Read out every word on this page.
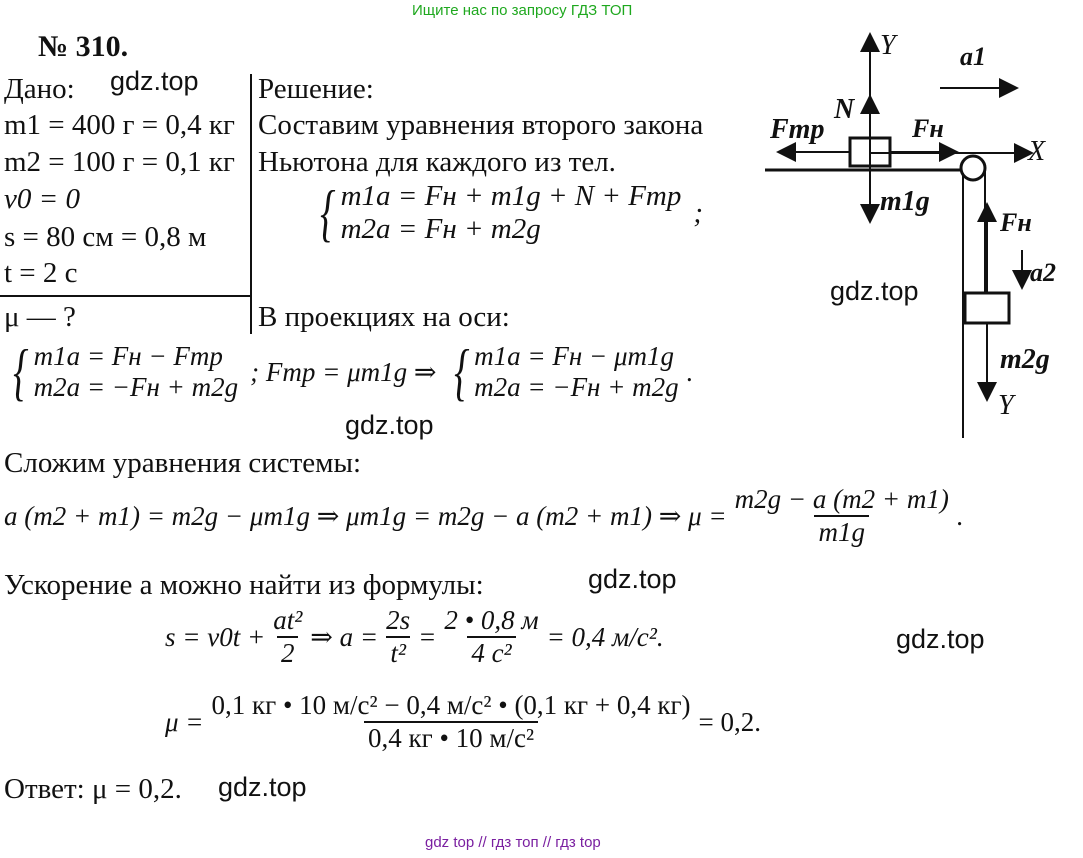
Ищите нас по запросу ГДЗ ТОП
№ 310.
Дано:
m1 = 400 г = 0,4 кг
m2 = 100 г = 0,1 кг
v0 = 0
s = 80 см = 0,8 м
t = 2 с
μ — ?
Решение:
Составим уравнения второго закона
Ньютона для каждого из тел.
{ m1a = Fн + m1g + N + Fтр
m2a = Fн + m2g
;
В проекциях на оси:
{ m1a = Fн − Fтр
m2a = −Fн + m2g
; Fтр = μm1g ⇒ { m1a = Fн − μm1g
m2a = −Fн + m2g
.
Сложим уравнения системы:
a (m2 + m1) = m2g − μm1g ⇒ μm1g = m2g − a (m2 + m1) ⇒ $\mu = \frac{m2g - a (m2 + m1)}{m1g}$ .
Ускорение a можно найти из формулы:
$s = v0t + \frac{\text{at²}}{2}$ ⇒ $a = \frac{2s}{\text{t²}} = \frac{2 • 0,8 м}{\text{4 с²}} = 0,4$ м/с².
$\mu = \frac{\text{0,1 кг • 10 м/с² − 0,4 м/с² • (0,1 кг + 0,4 кг)}}{\text{0,4 кг • 10 м/с²}} = 0,2$.
Ответ: μ = 0,2.
Y a1
N
Fтр	Fн
X
m1g
Fн
a2
m2g
Y
gdz.top
gdz.top
gdz.top
gdz.top
gdz.top
gdz.top
gdz top // гдз топ // гдз top
